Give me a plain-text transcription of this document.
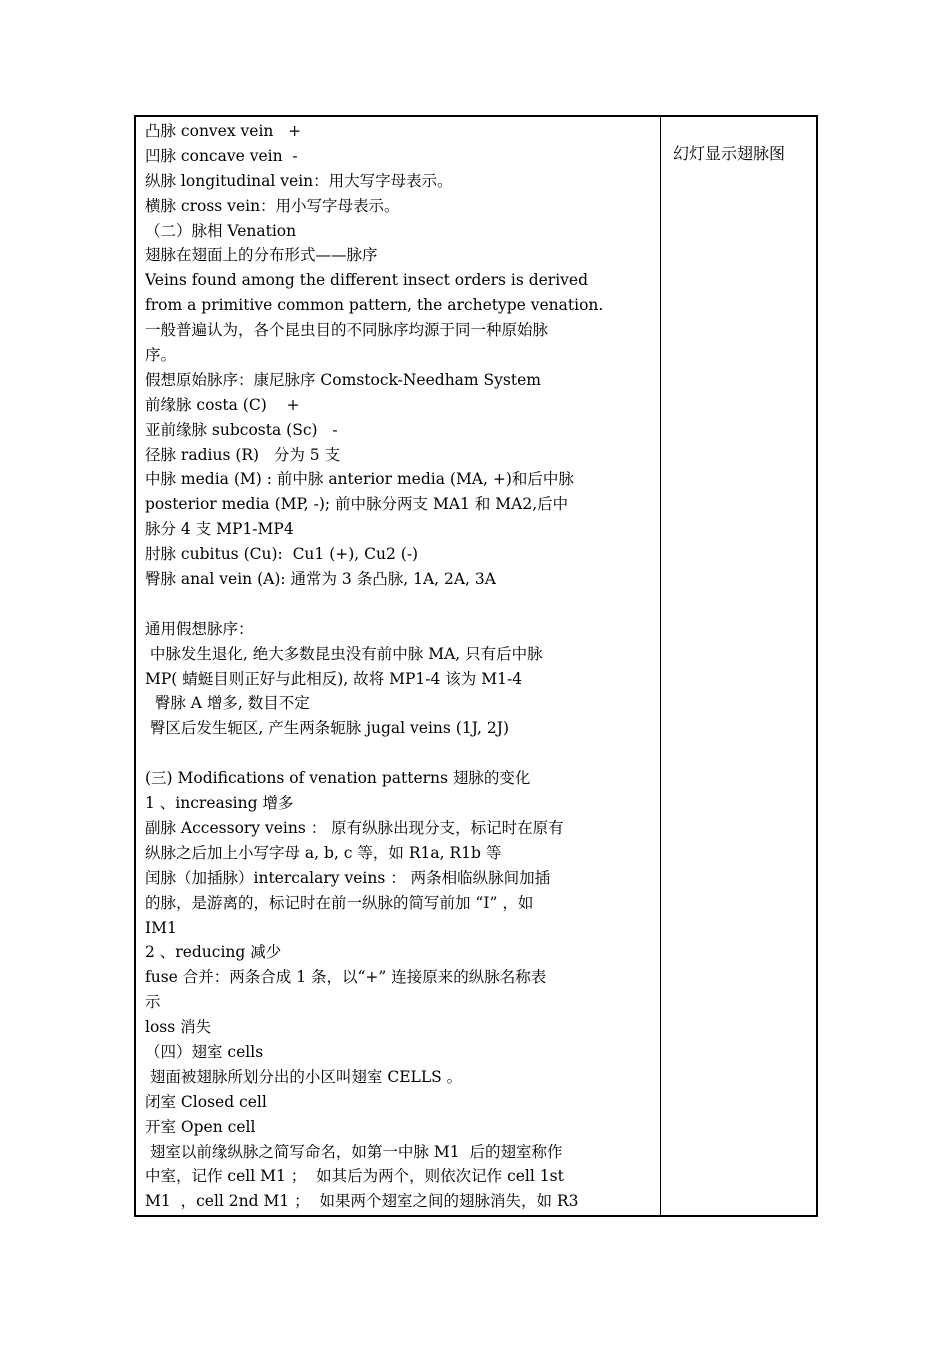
凸脉 convex vein   +
凹脉 concave vein  -
纵脉 longitudinal vein：用大写字母表示。
横脉 cross vein：用小写字母表示。
（二）脉相 Venation
翅脉在翅面上的分布形式——脉序
Veins found among the different insect orders is derived
from a primitive common pattern, the archetype venation.
一般普遍认为，各个昆虫目的不同脉序均源于同一种原始脉
序。
假想原始脉序：康尼脉序 Comstock-Needham System
前缘脉 costa (C)    +
亚前缘脉 subcosta (Sc)   -
径脉 radius (R)   分为 5 支
中脉 media (M) : 前中脉 anterior media (MA, +)和后中脉
posterior media (MP, -); 前中脉分两支 MA1 和 MA2,后中
脉分 4 支 MP1-MP4
肘脉 cubitus (Cu):  Cu1 (+), Cu2 (-)
臀脉 anal vein (A): 通常为 3 条凸脉, 1A, 2A, 3A
通用假想脉序：
中脉发生退化, 绝大多数昆虫没有前中脉 MA, 只有后中脉
MP( 蜻蜓目则正好与此相反), 故将 MP1-4 该为 M1-4
臀脉 A 增多, 数目不定
臀区后发生轭区, 产生两条轭脉 jugal veins (1J, 2J)
(三) Modifications of venation patterns 翅脉的变化
1 、increasing 增多
副脉 Accessory veins ： 原有纵脉出现分支，标记时在原有
纵脉之后加上小写字母 a, b, c 等，如 R1a, R1b 等
闰脉（加插脉）intercalary veins ： 两条相临纵脉间加插
的脉，是游离的，标记时在前一纵脉的简写前加 “I” ，如
IM1
2 、reducing 减少
fuse 合并：两条合成 1 条，以“+” 连接原来的纵脉名称表
示
loss 消失
（四）翅室 cells
翅面被翅脉所划分出的小区叫翅室 CELLS 。
闭室 Closed cell
开室 Open cell
翅室以前缘纵脉之简写命名，如第一中脉 M1  后的翅室称作
中室，记作 cell M1 ；  如其后为两个，则依次记作 cell 1st
M1  ，cell 2nd M1 ；  如果两个翅室之间的翅脉消失，如 R3
幻灯显示翅脉图
